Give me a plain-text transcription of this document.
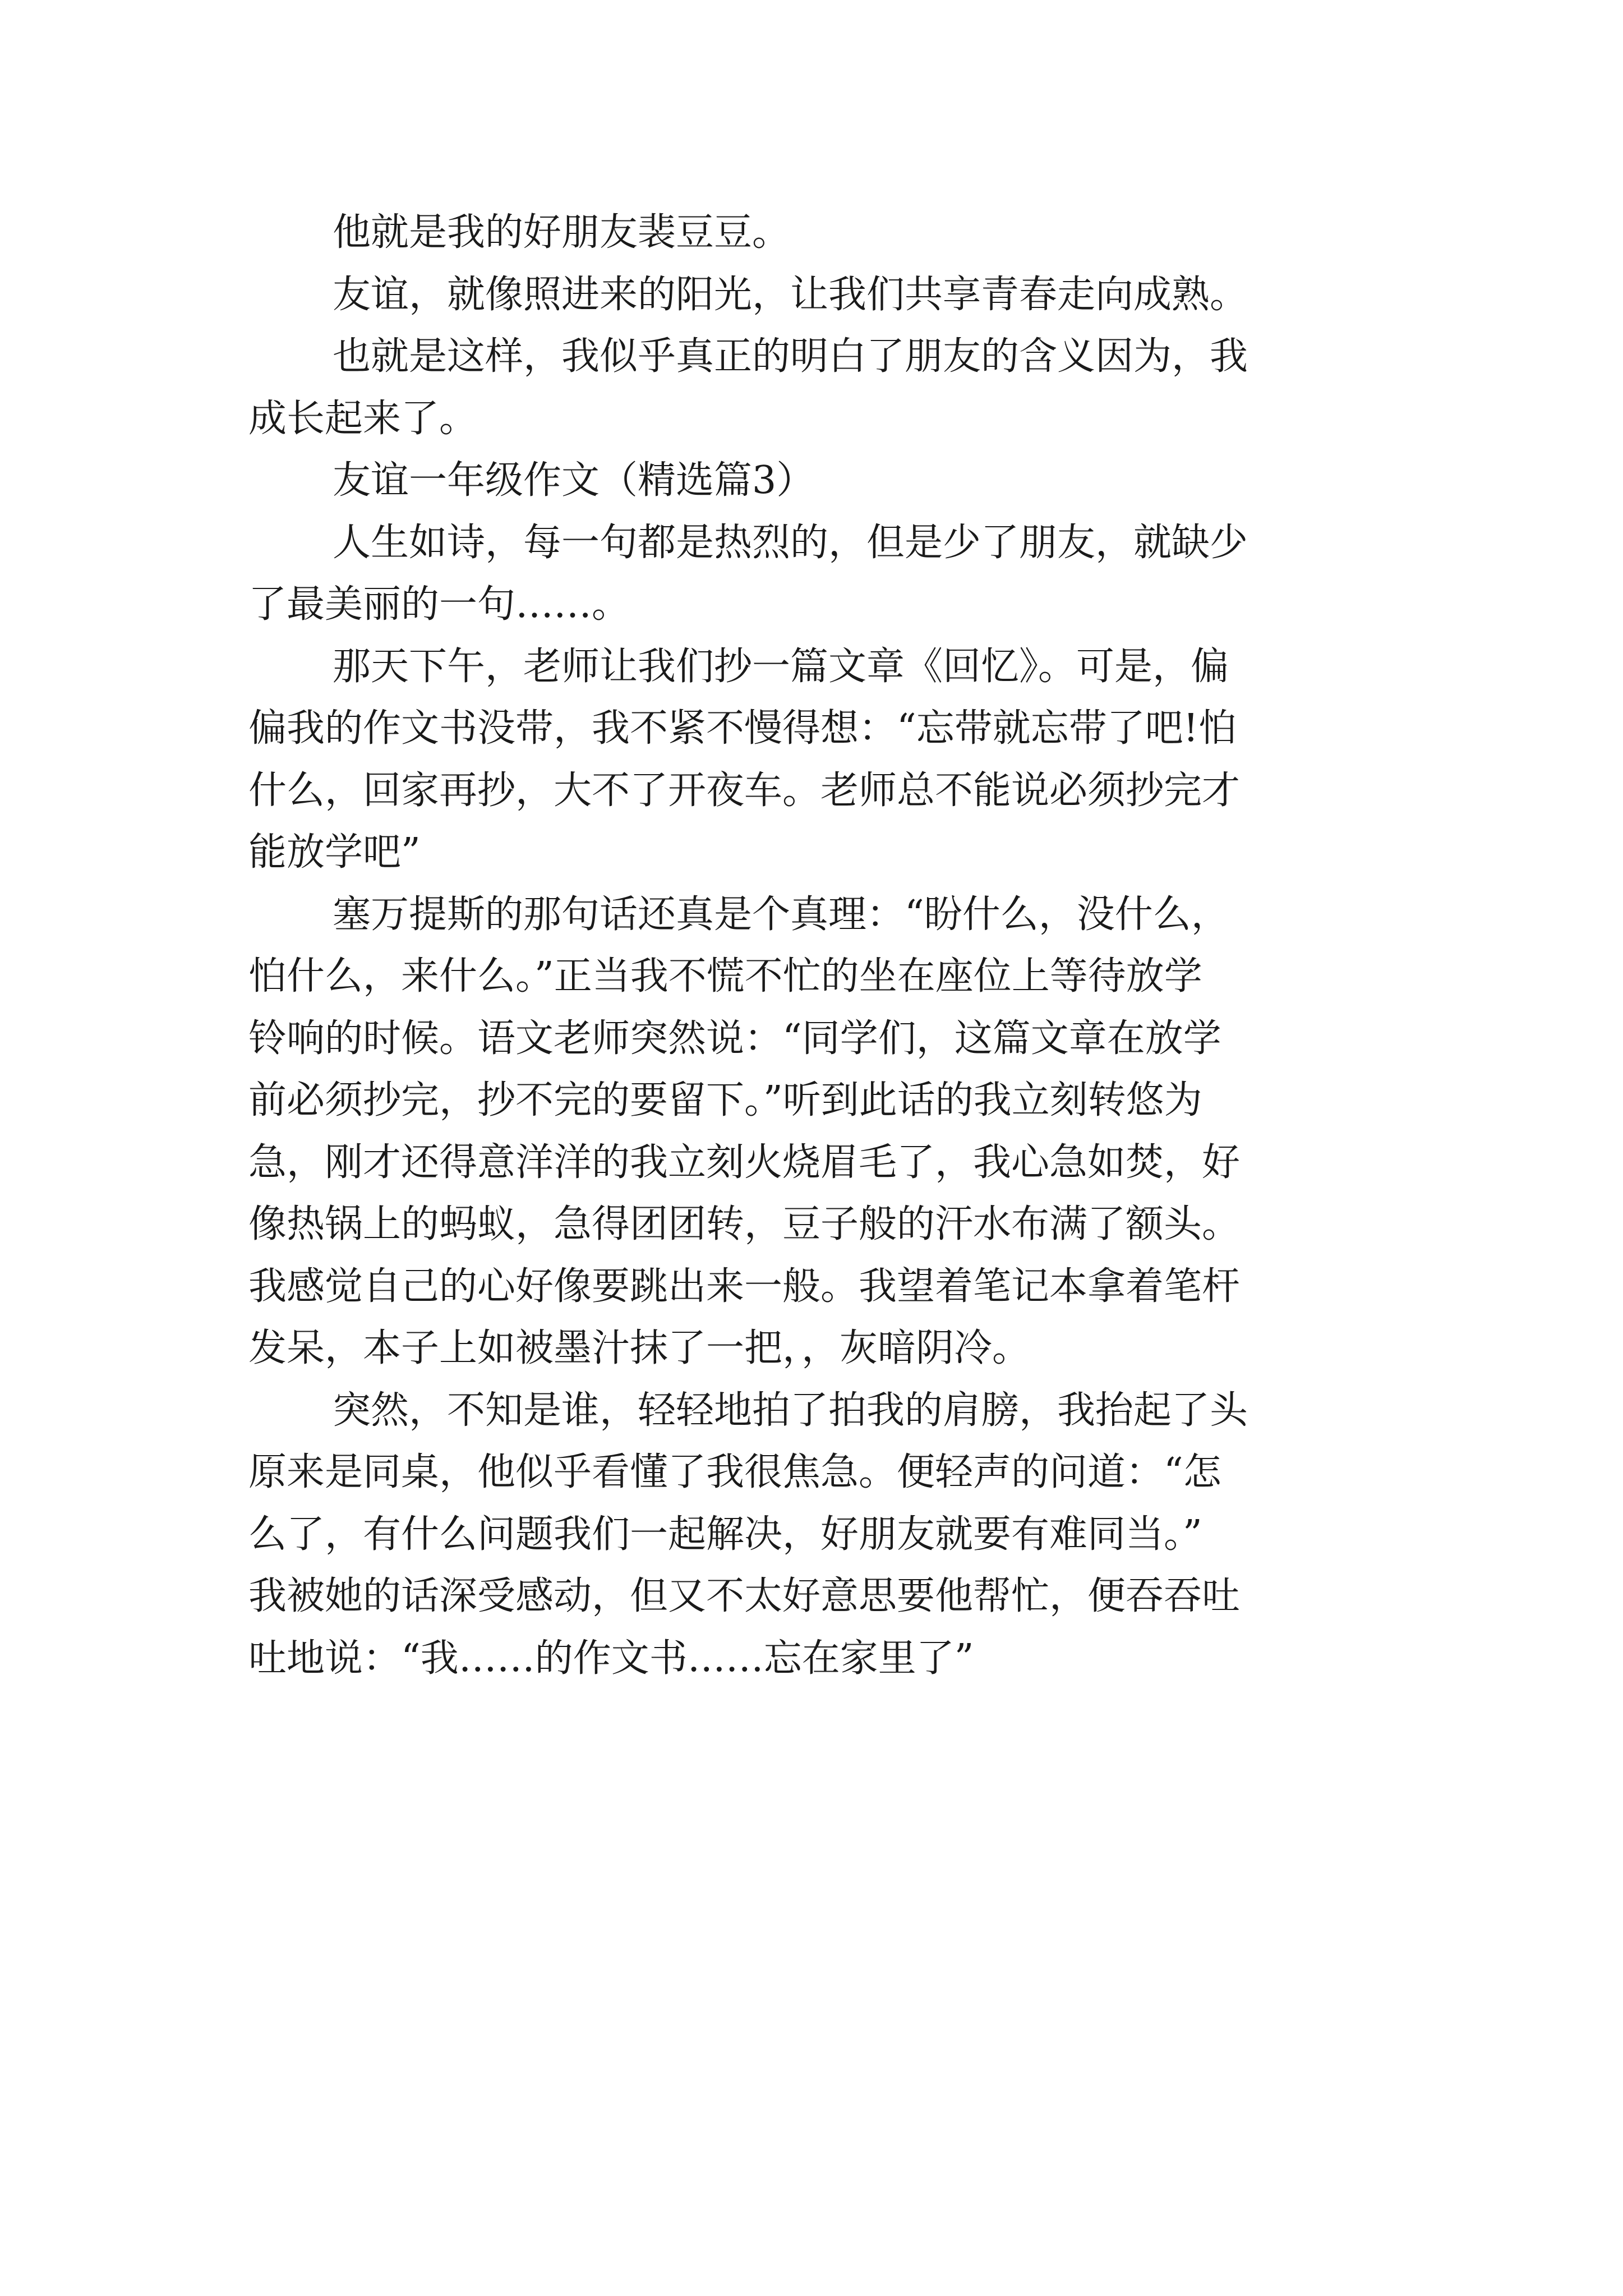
他就是我的好朋友裴豆豆。
友谊，就像照进来的阳光，让我们共享青春走向成熟。
也就是这样，我似乎真正的明白了朋友的含义因为，我
成长起来了。
友谊一年级作文（精选篇3）
人生如诗，每一句都是热烈的，但是少了朋友，就缺少
了最美丽的一句……。
那天下午，老师让我们抄一篇文章《回忆》。可是，偏
偏我的作文书没带，我不紧不慢得想：“忘带就忘带了吧!怕
什么，回家再抄，大不了开夜车。老师总不能说必须抄完才
能放学吧”
塞万提斯的那句话还真是个真理：“盼什么，没什么，
怕什么，来什么。”正当我不慌不忙的坐在座位上等待放学
铃响的时候。语文老师突然说：“同学们，这篇文章在放学
前必须抄完，抄不完的要留下。”听到此话的我立刻转悠为
急，刚才还得意洋洋的我立刻火烧眉毛了，我心急如焚，好
像热锅上的蚂蚁，急得团团转，豆子般的汗水布满了额头。
我感觉自己的心好像要跳出来一般。我望着笔记本拿着笔杆
发呆，本子上如被墨汁抹了一把，，灰暗阴冷。
突然，不知是谁，轻轻地拍了拍我的肩膀，我抬起了头
原来是同桌，他似乎看懂了我很焦急。便轻声的问道：“怎
么了，有什么问题我们一起解决，好朋友就要有难同当。”
我被她的话深受感动，但又不太好意思要他帮忙，便吞吞吐
吐地说：“我……的作文书……忘在家里了”
